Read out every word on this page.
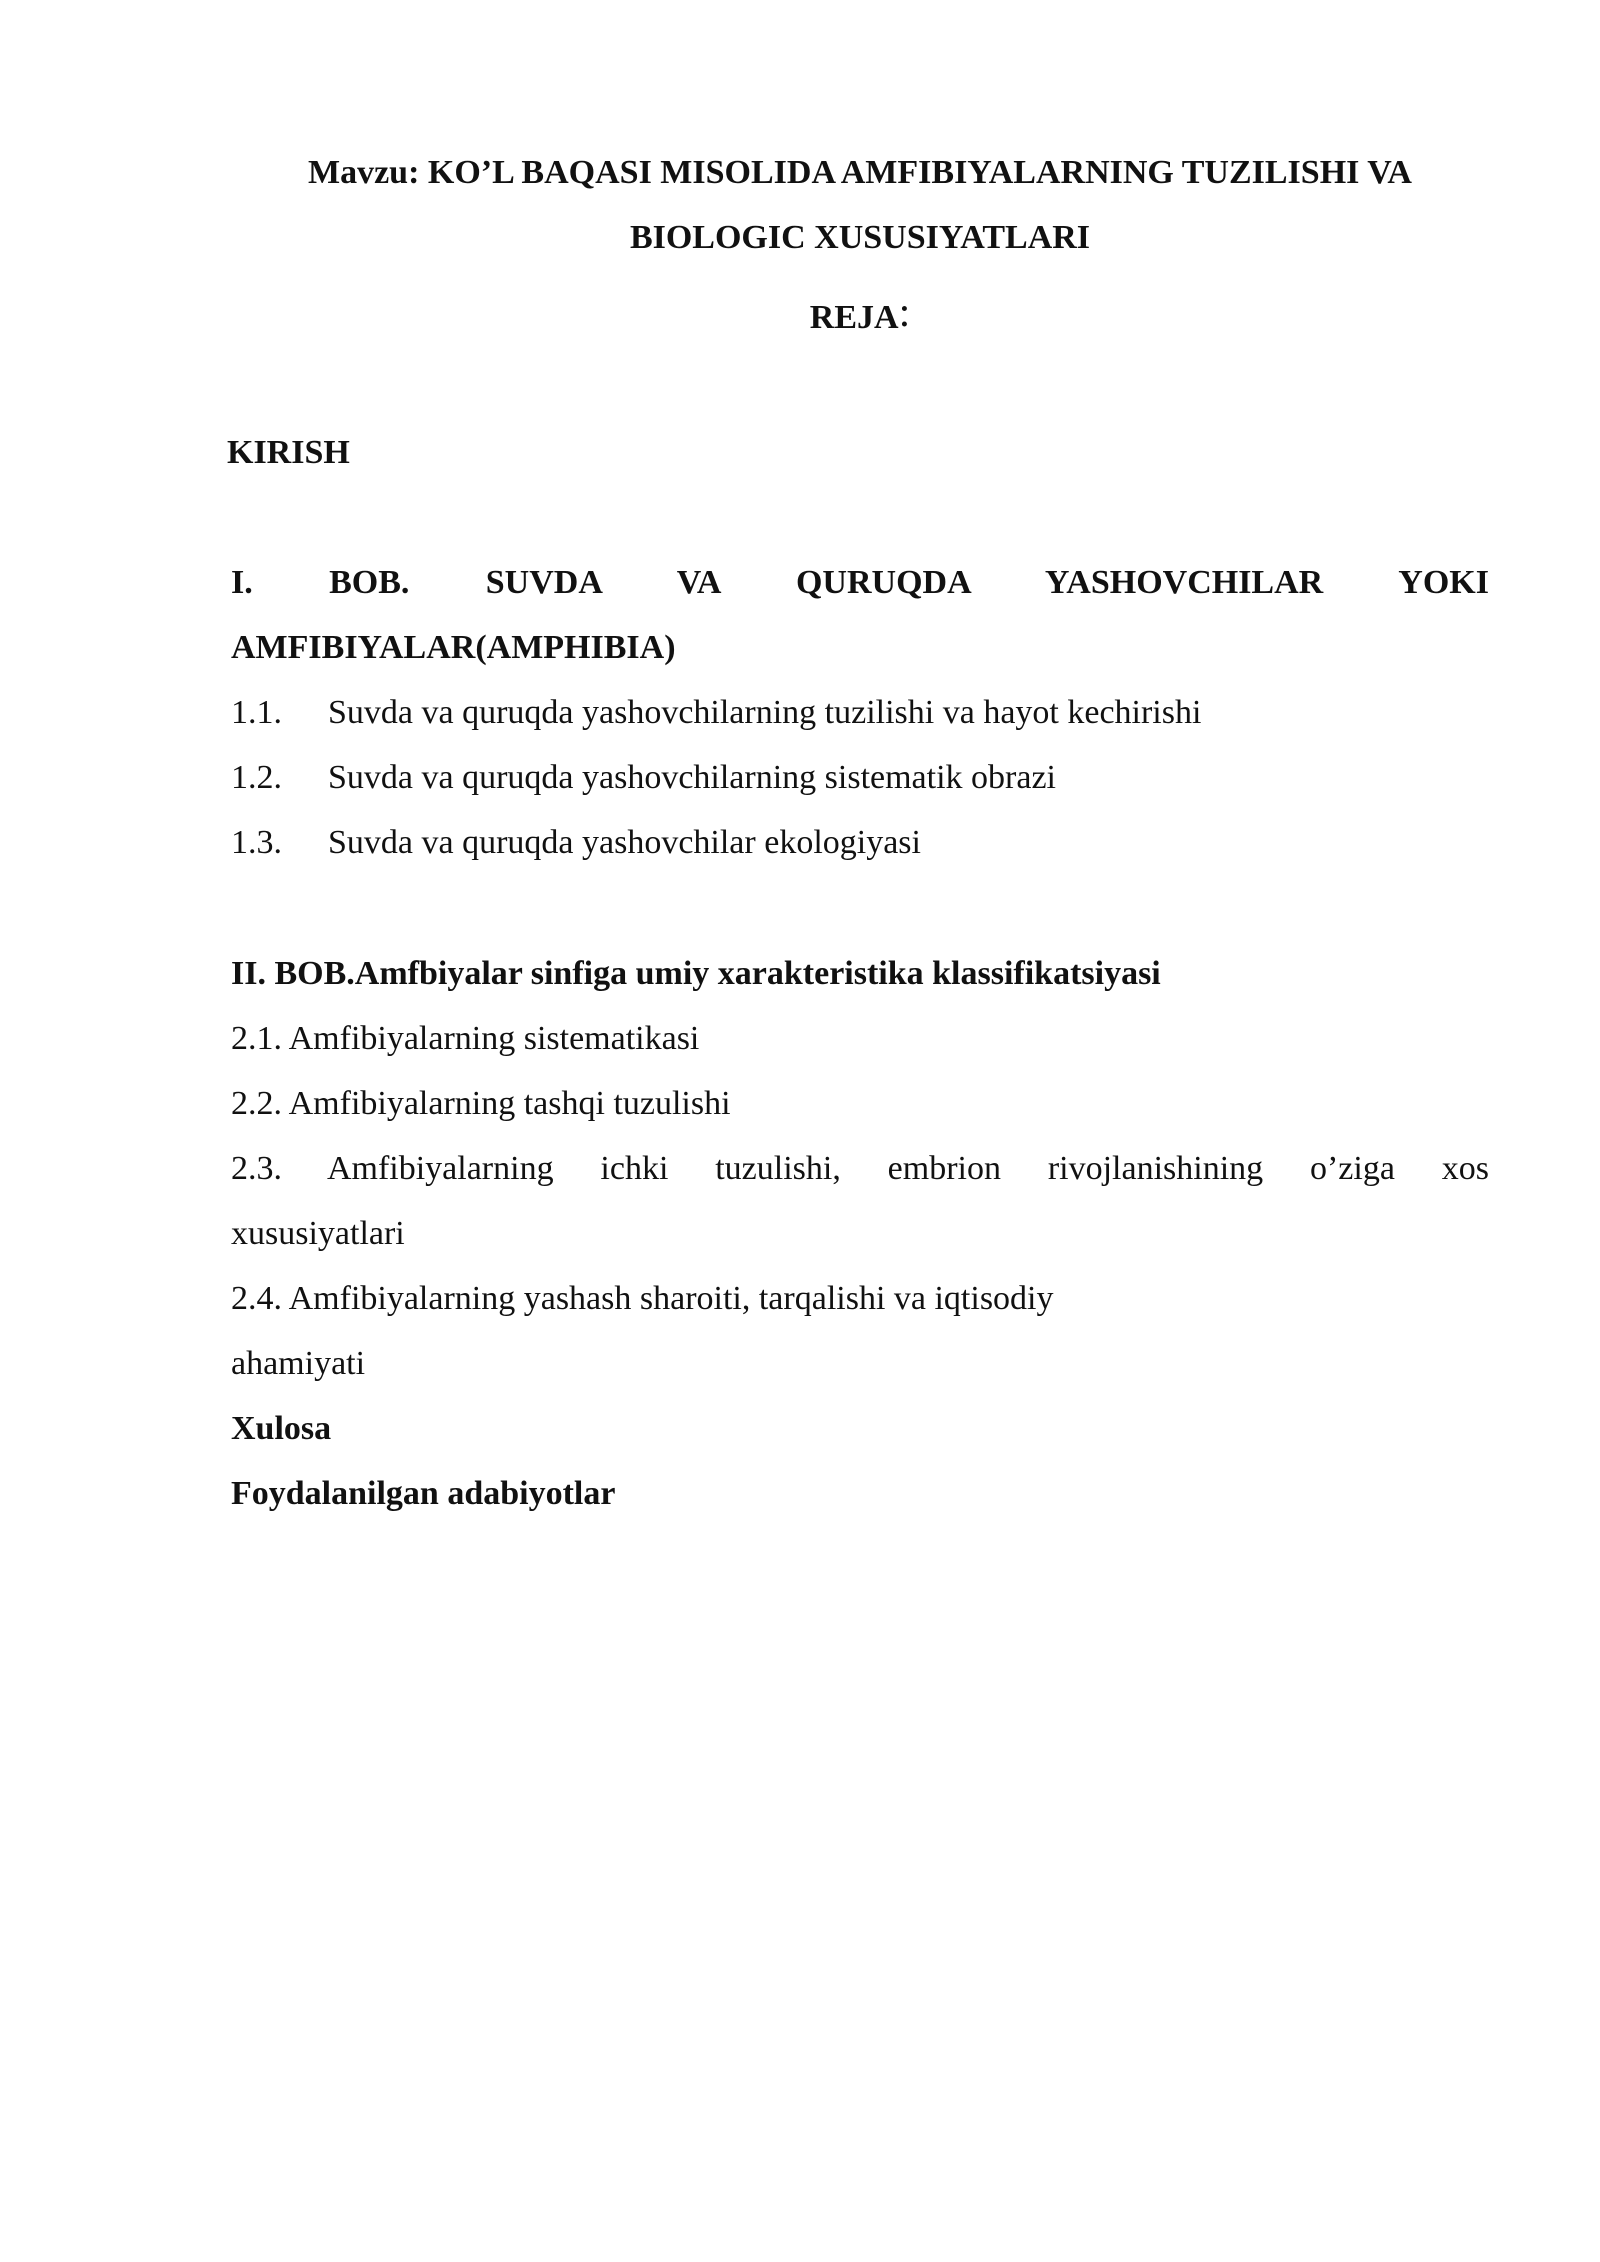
Mavzu: KO’L BAQASI MISOLIDA AMFIBIYALARNING TUZILISHI VA
BIOLOGIC XUSUSIYATLARI
REJA:
KIRISH
I. BOB. SUVDA VA QURUQDA YASHOVCHILAR YOKI
AMFIBIYALAR(AMPHIBIA)
1.1. Suvda va quruqda yashovchilarning tuzilishi va hayot kechirishi
1.2. Suvda va quruqda yashovchilarning sistematik obrazi
1.3. Suvda va quruqda yashovchilar ekologiyasi
II. BOB.Amfbiyalar sinfiga umiy xarakteristika klassifikatsiyasi
2.1. Amfibiyalarning sistematikasi
2.2. Amfibiyalarning tashqi tuzulishi
2.3. Amfibiyalarning ichki tuzulishi, embrion rivojlanishining o’ziga xos
xususiyatlari
2.4. Amfibiyalarning yashash sharoiti, tarqalishi va iqtisodiy
ahamiyati
Xulosa
Foydalanilgan adabiyotlar
